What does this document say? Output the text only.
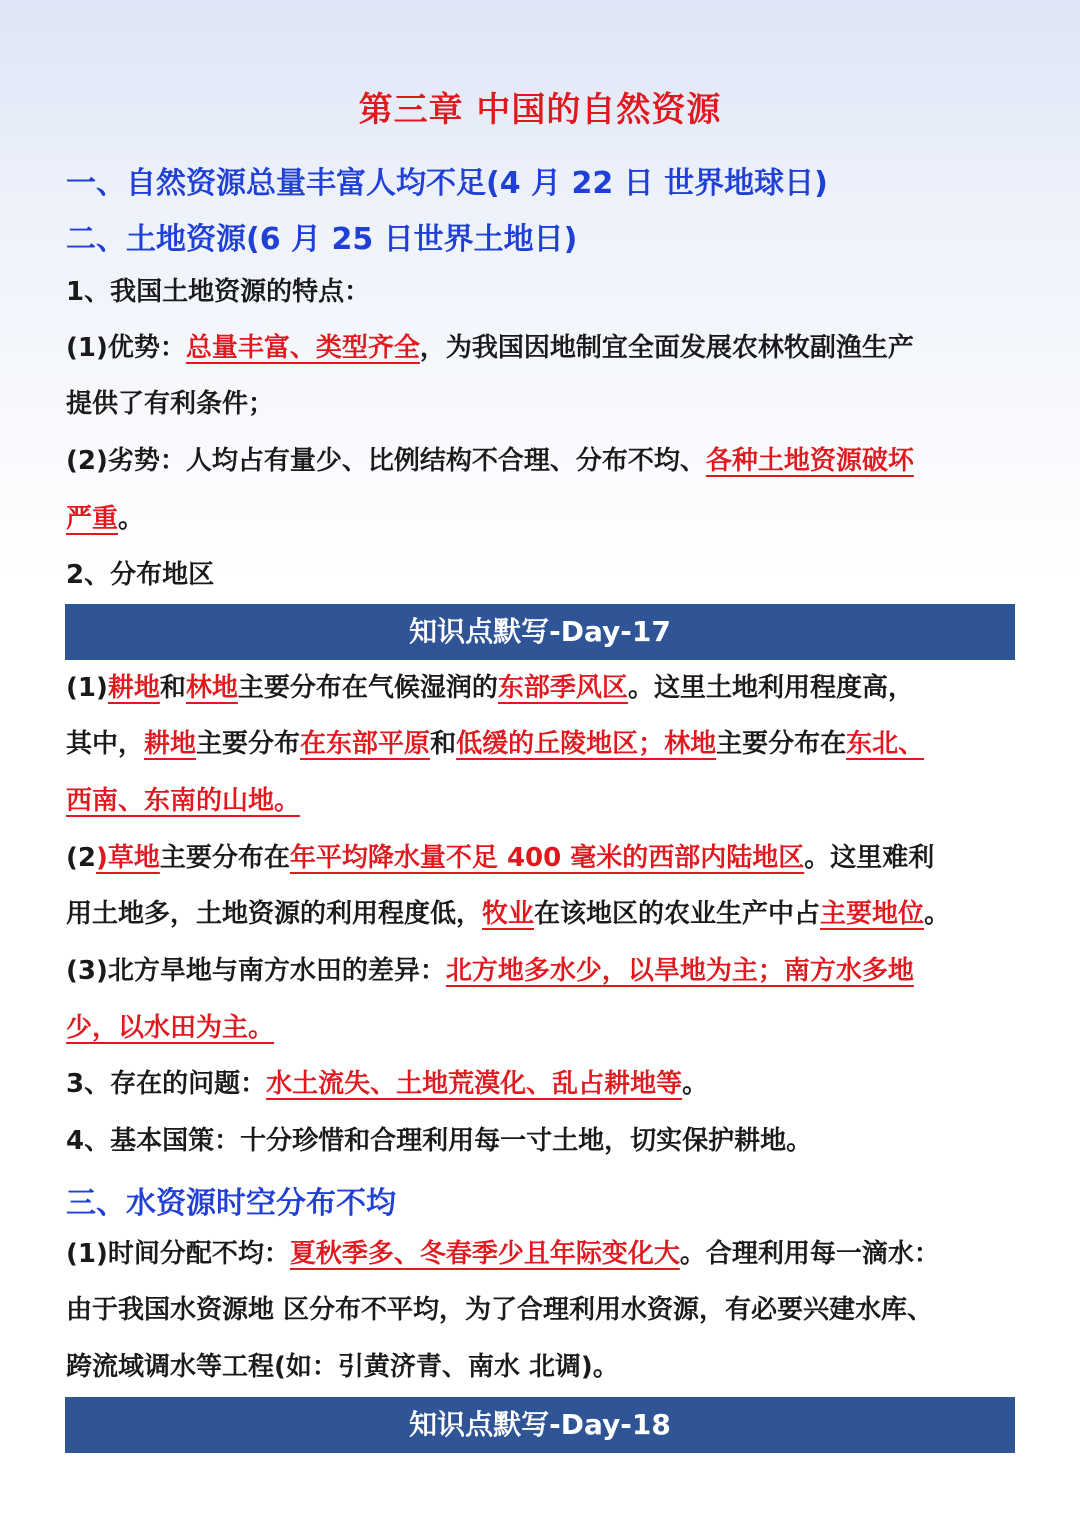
第三章 中国的自然资源
一、自然资源总量丰富人均不足(4 月 22 日 世界地球日)
二、土地资源(6 月 25 日世界土地日)
1、我国土地资源的特点：
(1)优势：总量丰富、类型齐全，为我国因地制宜全面发展农林牧副渔生产
提供了有利条件；
(2)劣势：人均占有量少、比例结构不合理、分布不均、各种土地资源破坏
严重。
2、分布地区
知识点默写-Day-17
(1)耕地和林地主要分布在气候湿润的东部季风区。这里土地利用程度高，
其中，耕地主要分布在东部平原和低缓的丘陵地区；林地主要分布在东北、
西南、东南的山地。
(2)草地主要分布在年平均降水量不足 400 毫米的西部内陆地区。这里难利
用土地多，土地资源的利用程度低，牧业在该地区的农业生产中占主要地位。
(3)北方旱地与南方水田的差异：北方地多水少，以旱地为主；南方水多地
少，以水田为主。
3、存在的问题：水土流失、土地荒漠化、乱占耕地等。
4、基本国策：十分珍惜和合理利用每一寸土地，切实保护耕地。
三、水资源时空分布不均
(1)时间分配不均：夏秋季多、冬春季少且年际变化大。合理利用每一滴水：
由于我国水资源地 区分布不平均，为了合理利用水资源，有必要兴建水库、
跨流域调水等工程(如：引黄济青、南水 北调)。
知识点默写-Day-18
